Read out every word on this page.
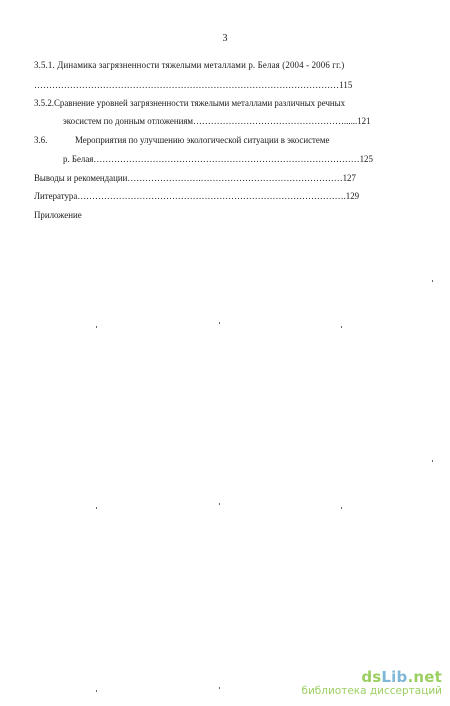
3
3.5.1. Динамика загрязненности тяжелыми металлами р. Белая (2004 - 2006 гг.)
…………………………………………………………………………………………115
3.5.2.Сравнение уровней загрязненности тяжелыми металлами различных речных
экосистем по донным отложениям……………………………………………......121
3.6.	Мероприятия по улучшению экологической ситуации в экосистеме
р. Белая………………………………………………………………………………125
Выводы и рекомендации…………………….…………………………………………127
Литература……………………………………………………………………………….129
Приложение
dsLib.net
библиотека диссертаций
